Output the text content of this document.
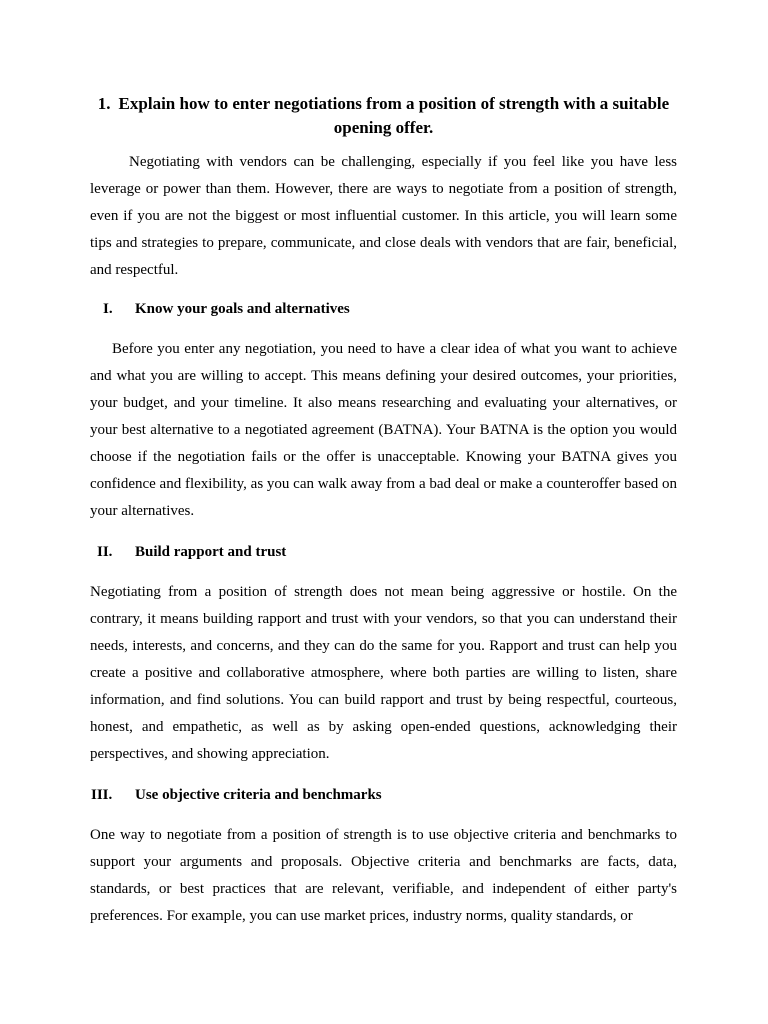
1. Explain how to enter negotiations from a position of strength with a suitable opening offer.

Negotiating with vendors can be challenging, especially if you feel like you have less leverage or power than them. However, there are ways to negotiate from a position of strength, even if you are not the biggest or most influential customer. In this article, you will learn some tips and strategies to prepare, communicate, and close deals with vendors that are fair, beneficial, and respectful.

I.	Know your goals and alternatives

Before you enter any negotiation, you need to have a clear idea of what you want to achieve and what you are willing to accept. This means defining your desired outcomes, your priorities, your budget, and your timeline. It also means researching and evaluating your alternatives, or your best alternative to a negotiated agreement (BATNA). Your BATNA is the option you would choose if the negotiation fails or the offer is unacceptable. Knowing your BATNA gives you confidence and flexibility, as you can walk away from a bad deal or make a counteroffer based on your alternatives.

II.	Build rapport and trust

Negotiating from a position of strength does not mean being aggressive or hostile. On the contrary, it means building rapport and trust with your vendors, so that you can understand their needs, interests, and concerns, and they can do the same for you. Rapport and trust can help you create a positive and collaborative atmosphere, where both parties are willing to listen, share information, and find solutions. You can build rapport and trust by being respectful, courteous, honest, and empathetic, as well as by asking open-ended questions, acknowledging their perspectives, and showing appreciation.

III.	Use objective criteria and benchmarks

One way to negotiate from a position of strength is to use objective criteria and benchmarks to support your arguments and proposals. Objective criteria and benchmarks are facts, data, standards, or best practices that are relevant, verifiable, and independent of either party's preferences. For example, you can use market prices, industry norms, quality standards, or
